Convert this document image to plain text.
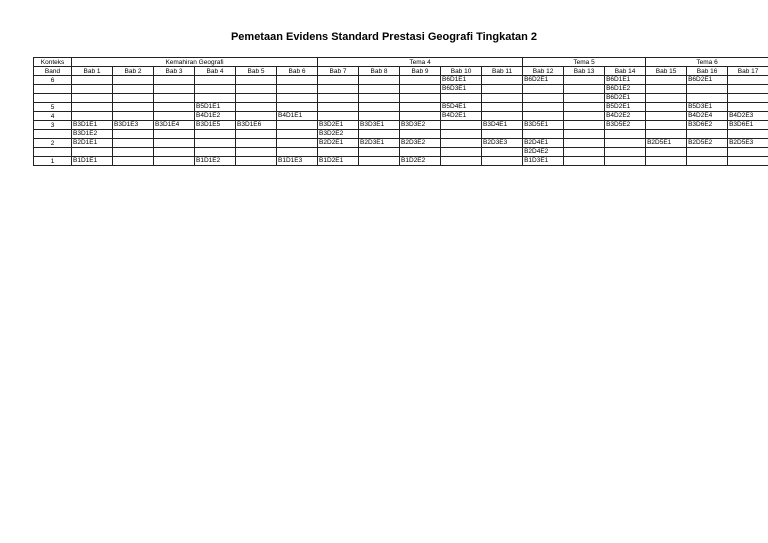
Pemetaan Evidens Standard Prestasi Geografi Tingkatan 2
Konteks	Kemahiran Geografi						Tema 4					Tema 5			Tema 6		
Band	Bab 1	Bab 2	Bab 3	Bab 4	Bab 5	Bab 6	Bab 7	Bab 8	Bab 9	Bab 10	Bab 11	Bab 12	Bab 13	Bab 14	Bab 15	Bab 16	Bab 17
6										B6D1E1		B6D2E1		B6D1E1		B6D2E1	
										B6D3E1				B6D1E2			
														B6D2E1			
5				B5D1E1						B5D4E1				B5D2E1		B5D3E1	
4				B4D1E2		B4D1E1				B4D2E1				B4D2E2		B4D2E4	B4D2E3
3	B3D1E1	B3D1E3	B3D1E4	B3D1E5	B3D1E6		B3D2E1	B3D3E1	B3D3E2		B3D4E1	B3D5E1		B3D5E2		B3D6E2	B3D6E1
	B3D1E2						B3D2E2										
2	B2D1E1						B2D2E1	B2D3E1	B2D3E2		B2D3E3	B2D4E1			B2D5E1	B2D5E2	B2D5E3
												B2D4E2					
1	B1D1E1			B1D1E2		B1D1E3	B1D2E1		B1D2E2			B1D3E1					
